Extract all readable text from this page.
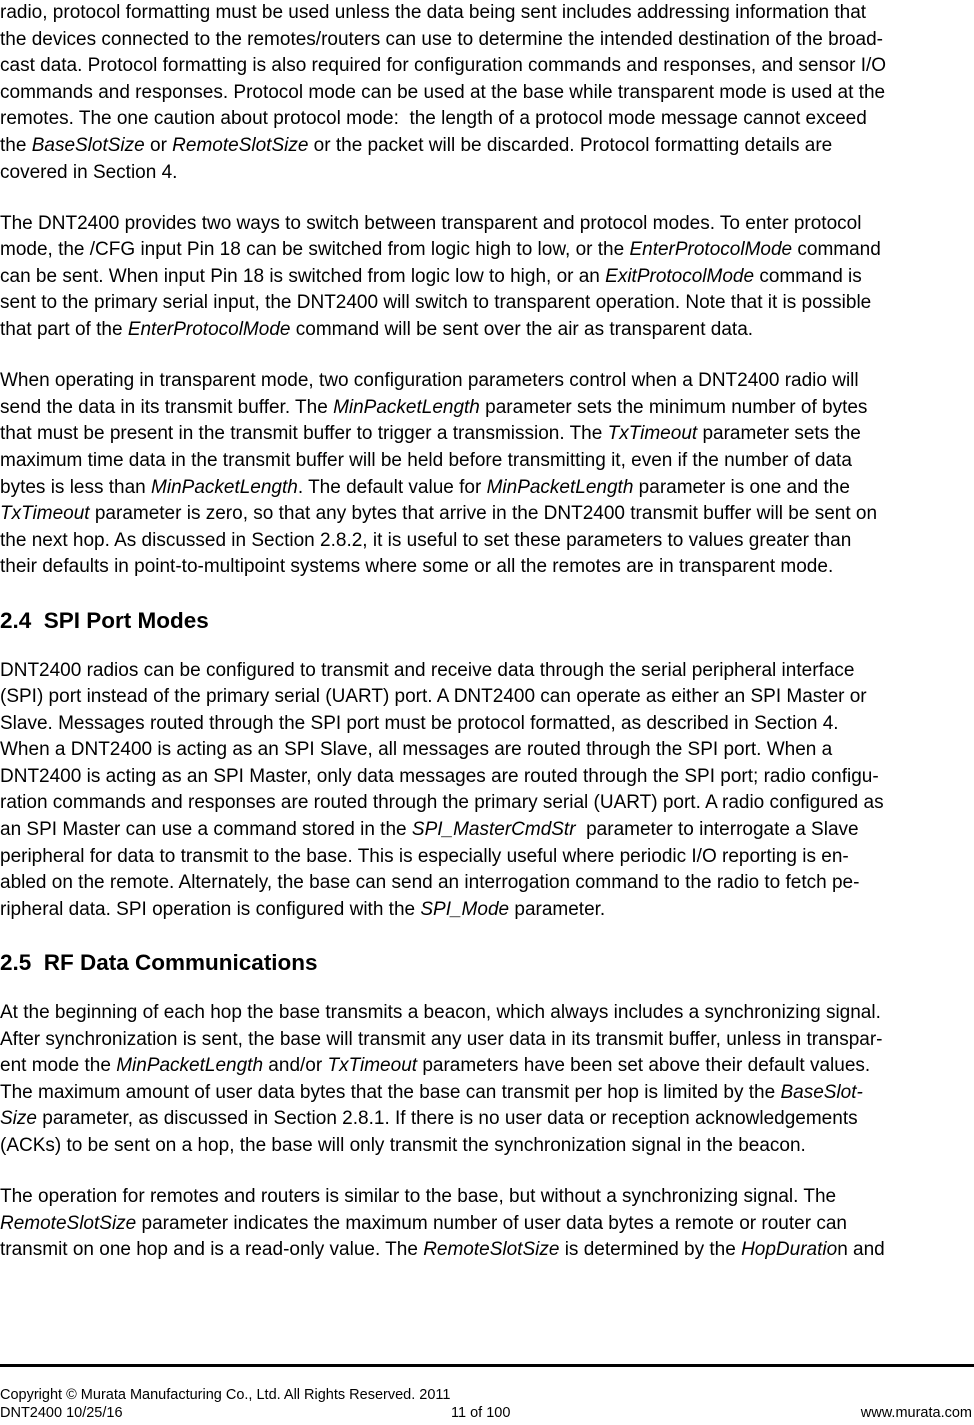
radio, protocol formatting must be used unless the data being sent includes addressing information that
the devices connected to the remotes/routers can use to determine the intended destination of the broad-
cast data. Protocol formatting is also required for configuration commands and responses, and sensor I/O
commands and responses. Protocol mode can be used at the base while transparent mode is used at the
remotes. The one caution about protocol mode:  the length of a protocol mode message cannot exceed
the BaseSlotSize or RemoteSlotSize or the packet will be discarded. Protocol formatting details are
covered in Section 4.
The DNT2400 provides two ways to switch between transparent and protocol modes. To enter protocol
mode, the /CFG input Pin 18 can be switched from logic high to low, or the EnterProtocolMode command
can be sent. When input Pin 18 is switched from logic low to high, or an ExitProtocolMode command is
sent to the primary serial input, the DNT2400 will switch to transparent operation. Note that it is possible
that part of the EnterProtocolMode command will be sent over the air as transparent data.
When operating in transparent mode, two configuration parameters control when a DNT2400 radio will
send the data in its transmit buffer. The MinPacketLength parameter sets the minimum number of bytes
that must be present in the transmit buffer to trigger a transmission. The TxTimeout parameter sets the
maximum time data in the transmit buffer will be held before transmitting it, even if the number of data
bytes is less than MinPacketLength. The default value for MinPacketLength parameter is one and the
TxTimeout parameter is zero, so that any bytes that arrive in the DNT2400 transmit buffer will be sent on
the next hop. As discussed in Section 2.8.2, it is useful to set these parameters to values greater than
their defaults in point-to-multipoint systems where some or all the remotes are in transparent mode.
2.4  SPI Port Modes
DNT2400 radios can be configured to transmit and receive data through the serial peripheral interface
(SPI) port instead of the primary serial (UART) port. A DNT2400 can operate as either an SPI Master or
Slave. Messages routed through the SPI port must be protocol formatted, as described in Section 4.
When a DNT2400 is acting as an SPI Slave, all messages are routed through the SPI port. When a
DNT2400 is acting as an SPI Master, only data messages are routed through the SPI port; radio configu-
ration commands and responses are routed through the primary serial (UART) port. A radio configured as
an SPI Master can use a command stored in the SPI_MasterCmdStr  parameter to interrogate a Slave
peripheral for data to transmit to the base. This is especially useful where periodic I/O reporting is en-
abled on the remote. Alternately, the base can send an interrogation command to the radio to fetch pe-
ripheral data. SPI operation is configured with the SPI_Mode parameter.
2.5  RF Data Communications
At the beginning of each hop the base transmits a beacon, which always includes a synchronizing signal.
After synchronization is sent, the base will transmit any user data in its transmit buffer, unless in transpar-
ent mode the MinPacketLength and/or TxTimeout parameters have been set above their default values.
The maximum amount of user data bytes that the base can transmit per hop is limited by the BaseSlot-
Size parameter, as discussed in Section 2.8.1. If there is no user data or reception acknowledgements
(ACKs) to be sent on a hop, the base will only transmit the synchronization signal in the beacon.
The operation for remotes and routers is similar to the base, but without a synchronizing signal. The
RemoteSlotSize parameter indicates the maximum number of user data bytes a remote or router can
transmit on one hop and is a read-only value. The RemoteSlotSize is determined by the HopDuration and
Copyright © Murata Manufacturing Co., Ltd. All Rights Reserved. 2011
DNT2400 10/25/16	11 of 100	www.murata.com
